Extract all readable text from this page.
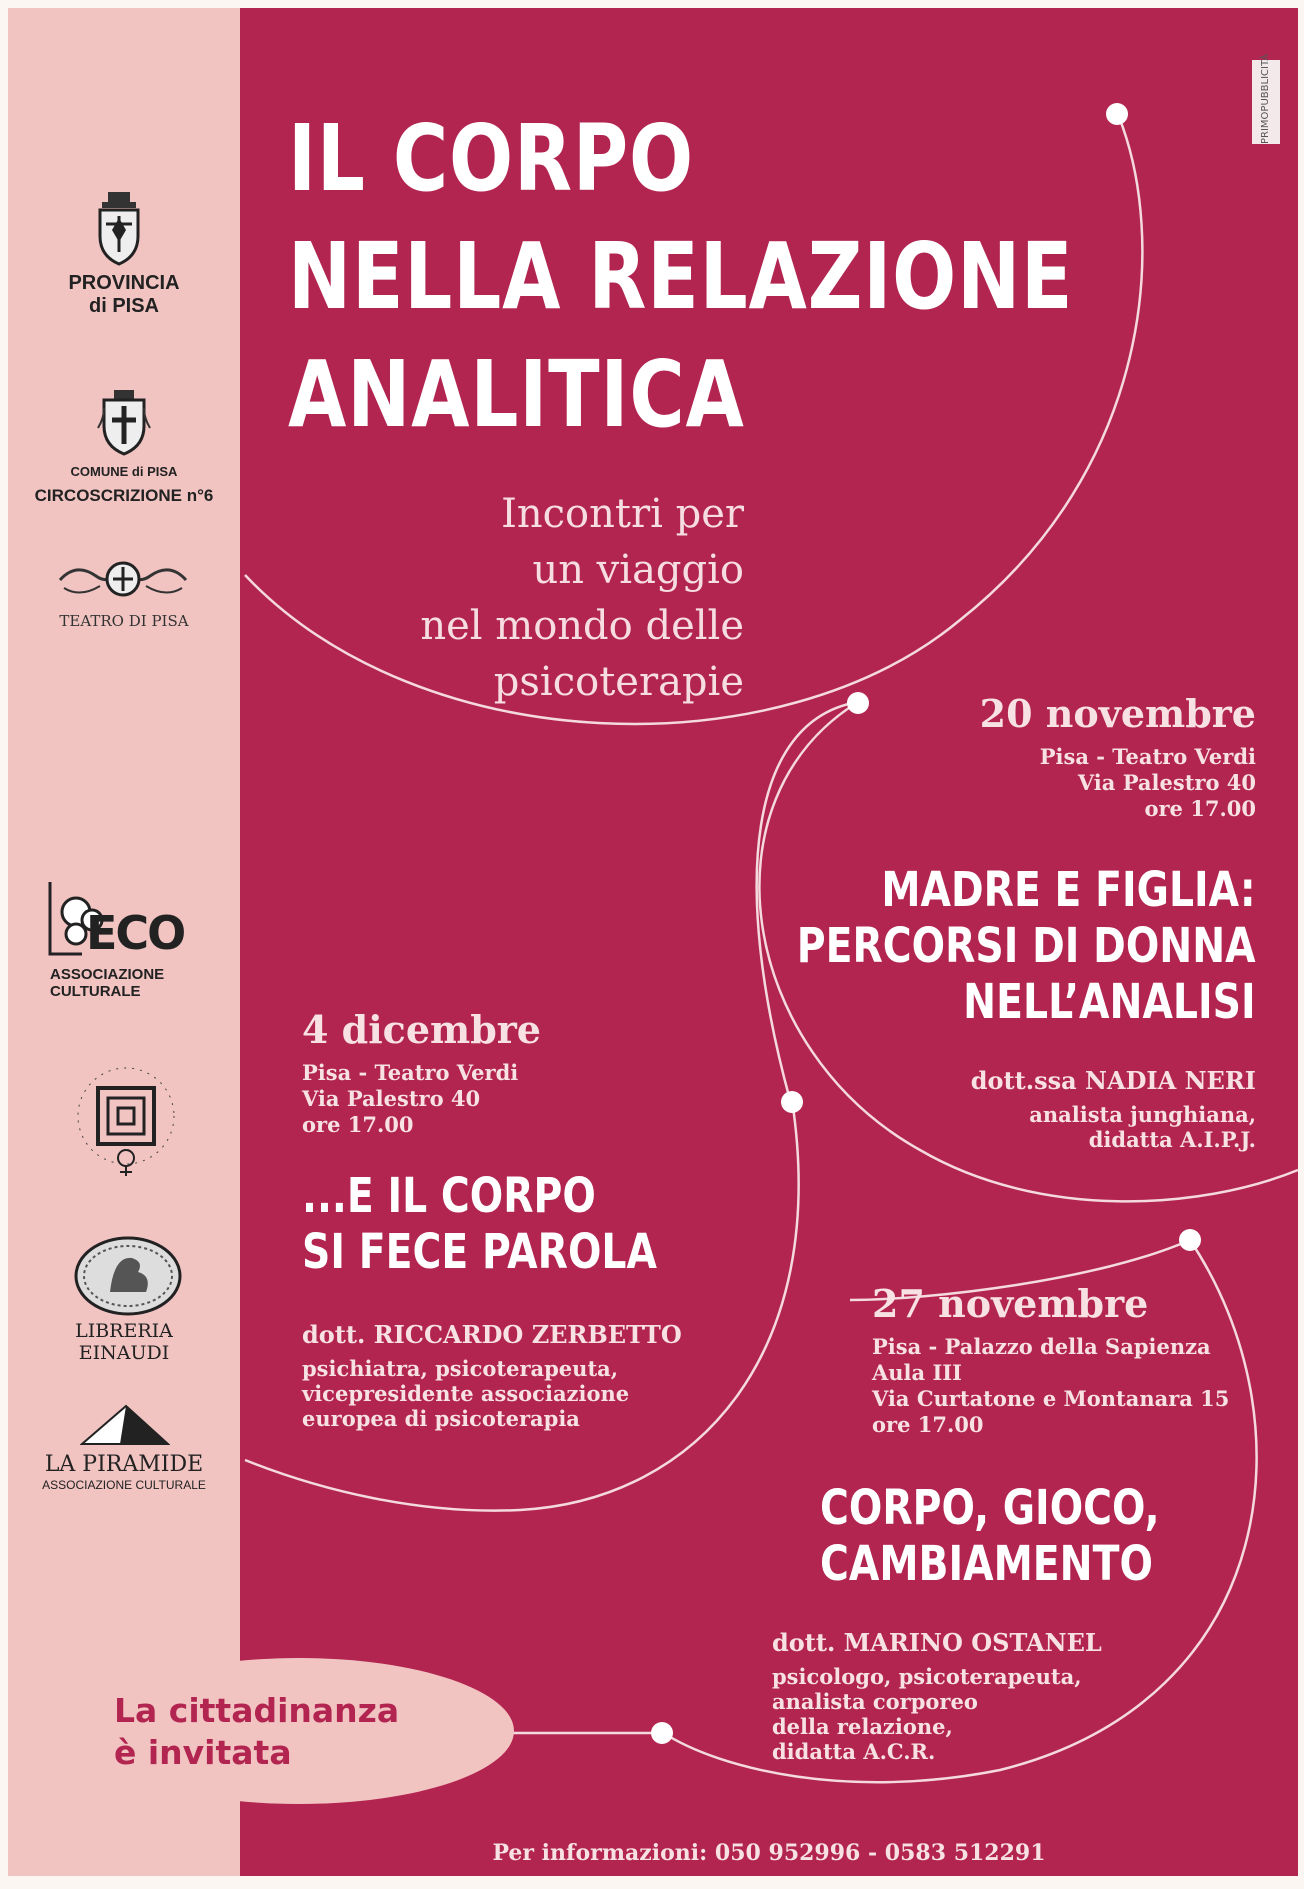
PRIMOPUBBLICITÀ
IL CORPO
NELLA RELAZIONE
ANALITICA
Incontri per
un viaggio
nel mondo delle
psicoterapie
20 novembre
Pisa - Teatro Verdi
Via Palestro 40
ore 17.00
MADRE E FIGLIA:
PERCORSI DI DONNA
NELL’ANALISI
dott.ssa NADIA NERI
analista junghiana,
didatta A.I.P.J.
4 dicembre
Pisa - Teatro Verdi
Via Palestro 40
ore 17.00
...E IL CORPO
SI FECE PAROLA
dott. RICCARDO ZERBETTO
psichiatra, psicoterapeuta,
vicepresidente associazione
europea di psicoterapia
27 novembre
Pisa - Palazzo della Sapienza
Aula III
Via Curtatone e Montanara 15
ore 17.00
CORPO, GIOCO,
CAMBIAMENTO
dott. MARINO OSTANEL
psicologo, psicoterapeuta,
analista corporeo
della relazione,
didatta A.C.R.
La cittadinanza
è invitata
Per informazioni: 050 952996 - 0583 512291
PROVINCIA
di PISA
COMUNE di PISA
CIRCOSCRIZIONE n°6
TEATRO DI PISA
ECO
ASSOCIAZIONE
CULTURALE
LIBRERIA
EINAUDI
LA PIRAMIDE
ASSOCIAZIONE CULTURALE
